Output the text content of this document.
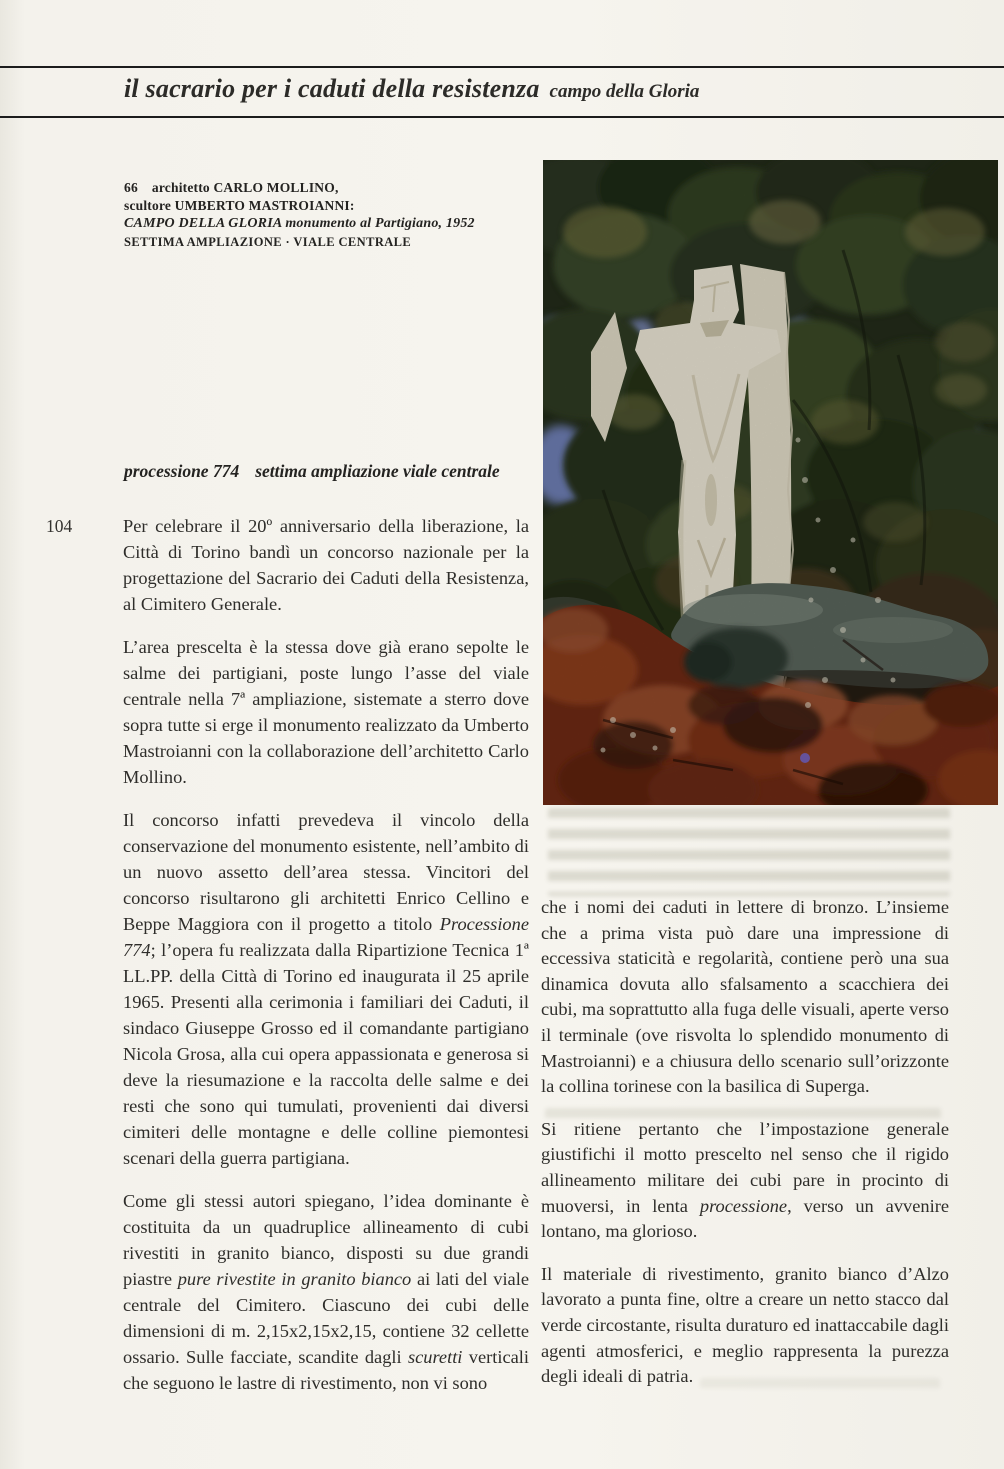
il sacrario per i caduti della resistenza campo della Gloria
66 architetto CARLO MOLLINO,
scultore UMBERTO MASTROIANNI:
CAMPO DELLA GLORIA monumento al Partigiano, 1952
SETTIMA AMPLIAZIONE · VIALE CENTRALE
processione 774 settima ampliazione viale centrale
104	Per celebrare il 20º anniversario della liberazione, la Città di Torino bandì un concorso nazionale per la progettazione del Sacrario dei Caduti della Resistenza, al Cimitero Generale.

L’area prescelta è la stessa dove già erano sepolte le salme dei partigiani, poste lungo l’asse del viale centrale nella 7ª ampliazione, sistemate a sterro dove sopra tutte si erge il monumento realizzato da Umberto Mastroianni con la collaborazione dell’architetto Carlo Mollino.

Il concorso infatti prevedeva il vincolo della conservazione del monumento esistente, nell’ambito di un nuovo assetto dell’area stessa. Vincitori del concorso risultarono gli architetti Enrico Cellino e Beppe Maggiora con il progetto a titolo Processione 774; l’opera fu realizzata dalla Ripartizione Tecnica 1ª LL.PP. della Città di Torino ed inaugurata il 25 aprile 1965. Presenti alla cerimonia i familiari dei Caduti, il sindaco Giuseppe Grosso ed il comandante partigiano Nicola Grosa, alla cui opera appassionata e generosa si deve la riesumazione e la raccolta delle salme e dei resti che sono qui tumulati, provenienti dai diversi cimiteri delle montagne e delle colline piemontesi scenari della guerra partigiana.

Come gli stessi autori spiegano, l’idea dominante è costituita da un quadruplice allineamento di cubi rivestiti in granito bianco, disposti su due grandi piastre pure rivestite in granito bianco ai lati del viale centrale del Cimitero. Ciascuno dei cubi delle dimensioni di m. 2,15x2,15x2,15, contiene 32 cellette ossario. Sulle facciate, scandite dagli scuretti verticali che seguono le lastre di rivestimento, non vi sono

che i nomi dei caduti in lettere di bronzo. L’insieme che a prima vista può dare una impressione di eccessiva staticità e regolarità, contiene però una sua dinamica dovuta allo sfalsamento a scacchiera dei cubi, ma soprattutto alla fuga delle visuali, aperte verso il terminale (ove risvolta lo splendido monumento di Mastroianni) e a chiusura dello scenario sull’orizzonte la collina torinese con la basilica di Superga.

Si ritiene pertanto che l’impostazione generale giustifichi il motto prescelto nel senso che il rigido allineamento militare dei cubi pare in procinto di muoversi, in lenta processione, verso un avvenire lontano, ma glorioso.

Il materiale di rivestimento, granito bianco d’Alzo lavorato a punta fine, oltre a creare un netto stacco dal verde circostante, risulta duraturo ed inattaccabile dagli agenti atmosferici, e meglio rappresenta la purezza degli ideali di patria.
